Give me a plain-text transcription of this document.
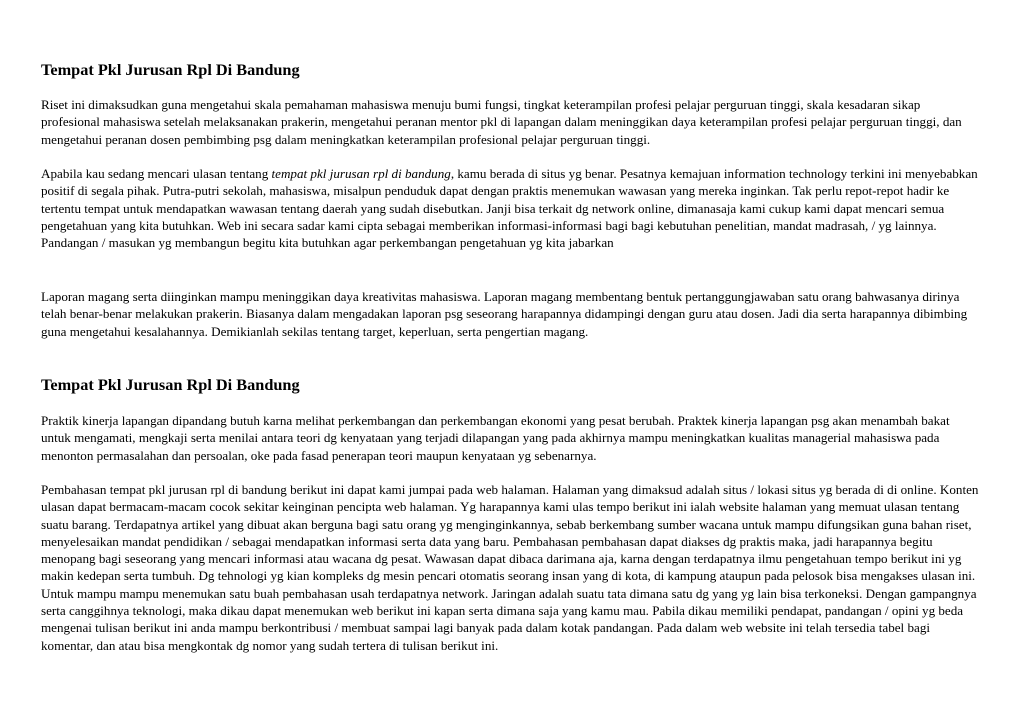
Tempat Pkl Jurusan Rpl Di Bandung

Riset ini dimaksudkan guna mengetahui skala pemahaman mahasiswa menuju bumi fungsi, tingkat keterampilan profesi pelajar perguruan tinggi, skala kesadaran sikap profesional mahasiswa setelah melaksanakan prakerin, mengetahui peranan mentor pkl di lapangan dalam meninggikan daya keterampilan profesi pelajar perguruan tinggi, dan mengetahui peranan dosen pembimbing psg dalam meningkatkan keterampilan profesional pelajar perguruan tinggi.

Apabila kau sedang mencari ulasan tentang tempat pkl jurusan rpl di bandung, kamu berada di situs yg benar. Pesatnya kemajuan information technology terkini ini menyebabkan positif di segala pihak. Putra-putri sekolah, mahasiswa, misalpun penduduk dapat dengan praktis menemukan wawasan yang mereka inginkan. Tak perlu repot-repot hadir ke tertentu tempat untuk mendapatkan wawasan tentang daerah yang sudah disebutkan. Janji bisa terkait dg network online, dimanasaja kami cukup kami dapat mencari semua pengetahuan yang kita butuhkan. Web ini secara sadar kami cipta sebagai memberikan informasi-informasi bagi bagi kebutuhan penelitian, mandat madrasah, / yg lainnya. Pandangan / masukan yg membangun begitu kita butuhkan agar perkembangan pengetahuan yg kita jabarkan

Laporan magang serta diinginkan mampu meninggikan daya kreativitas mahasiswa. Laporan magang membentang bentuk pertanggungjawaban satu orang bahwasanya dirinya telah benar-benar melakukan prakerin. Biasanya dalam mengadakan laporan psg seseorang harapannya didampingi dengan guru atau dosen. Jadi dia serta harapannya dibimbing guna mengetahui kesalahannya. Demikianlah sekilas tentang target, keperluan, serta pengertian magang.

Tempat Pkl Jurusan Rpl Di Bandung

Praktik kinerja lapangan dipandang butuh karna melihat perkembangan dan perkembangan ekonomi yang pesat berubah. Praktek kinerja lapangan psg akan menambah bakat untuk mengamati, mengkaji serta menilai antara teori dg kenyataan yang terjadi dilapangan yang pada akhirnya mampu meningkatkan kualitas managerial mahasiswa pada menonton permasalahan dan persoalan, oke pada fasad penerapan teori maupun kenyataan yg sebenarnya.

Pembahasan tempat pkl jurusan rpl di bandung berikut ini dapat kami jumpai pada web halaman. Halaman yang dimaksud adalah situs / lokasi situs yg berada di di online. Konten ulasan dapat bermacam-macam cocok sekitar keinginan pencipta web halaman. Yg harapannya kami ulas tempo berikut ini ialah website halaman yang memuat ulasan tentang suatu barang. Terdapatnya artikel yang dibuat akan berguna bagi satu orang yg menginginkannya, sebab berkembang sumber wacana untuk mampu difungsikan guna bahan riset, menyelesaikan mandat pendidikan / sebagai mendapatkan informasi serta data yang baru. Pembahasan pembahasan dapat diakses dg praktis maka, jadi harapannya begitu menopang bagi seseorang yang mencari informasi atau wacana dg pesat. Wawasan dapat dibaca darimana aja, karna dengan terdapatnya ilmu pengetahuan tempo berikut ini yg makin kedepan serta tumbuh. Dg tehnologi yg kian kompleks dg mesin pencari otomatis seorang insan yang di kota, di kampung ataupun pada pelosok bisa mengakses ulasan ini. Untuk mampu mampu menemukan satu buah pembahasan usah terdapatnya network. Jaringan adalah suatu tata dimana satu dg yang yg lain bisa terkoneksi. Dengan gampangnya serta canggihnya teknologi, maka dikau dapat menemukan web berikut ini kapan serta dimana saja yang kamu mau. Pabila dikau memiliki pendapat, pandangan / opini yg beda mengenai tulisan berikut ini anda mampu berkontribusi / membuat sampai lagi banyak pada dalam kotak pandangan. Pada dalam web website ini telah tersedia tabel bagi komentar, dan atau bisa mengkontak dg nomor yang sudah tertera di tulisan berikut ini.
